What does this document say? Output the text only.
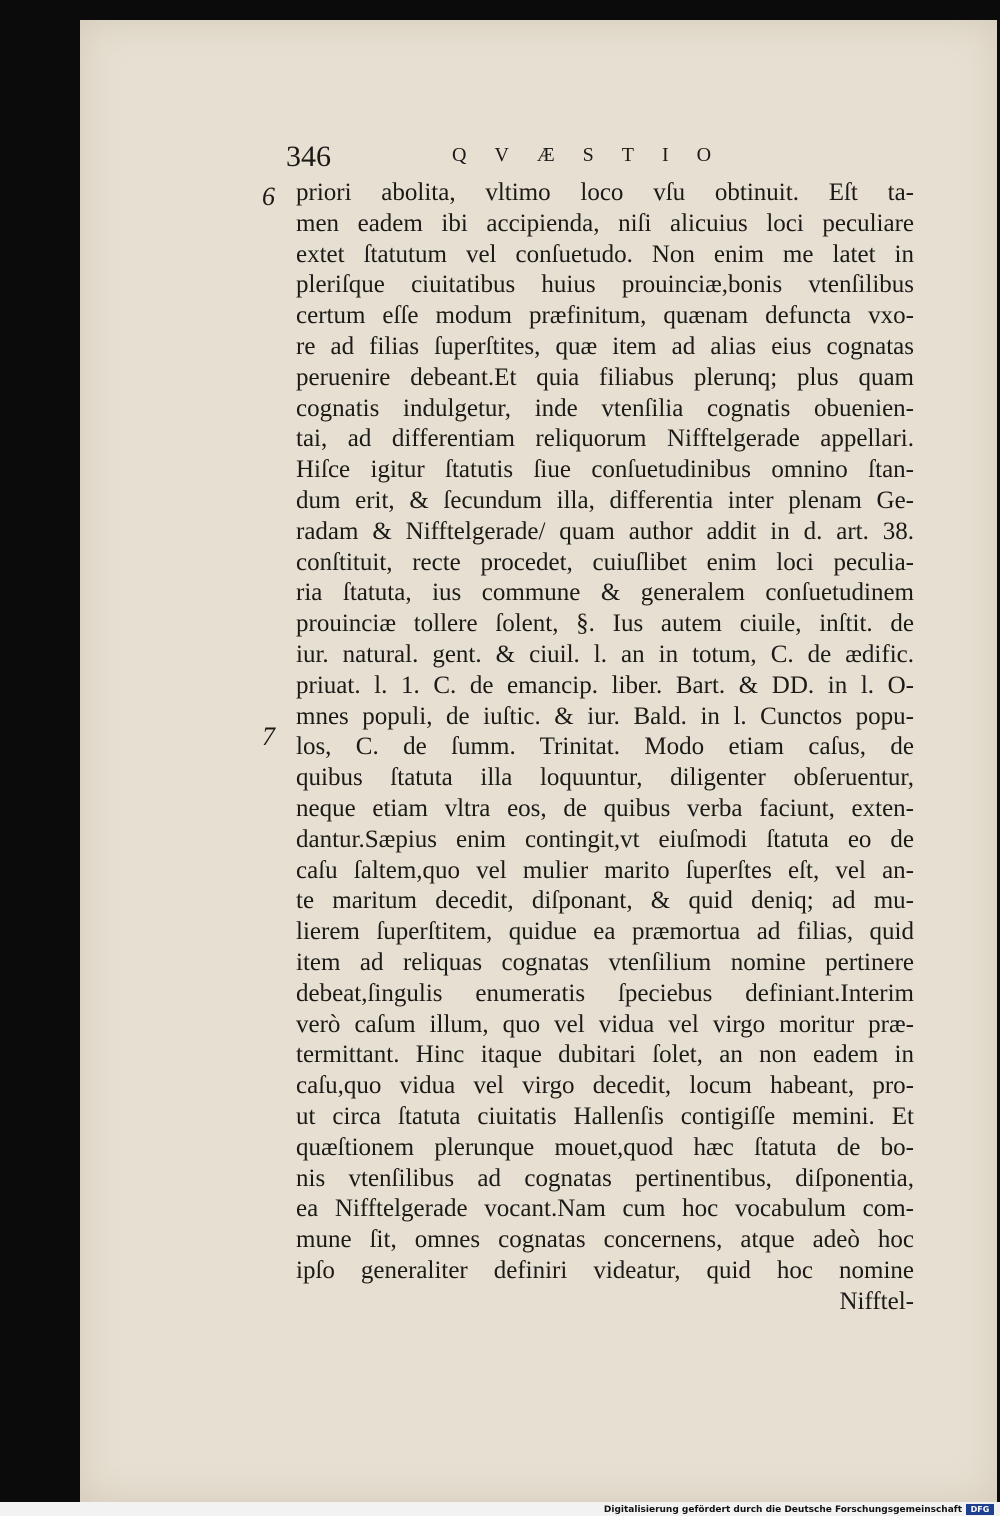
346	QVÆSTIO
6
7
priori abolita, vltimo loco vſu obtinuit. Eſt ta-
men eadem ibi accipienda, niſi alicuius loci peculiare
extet ſtatutum vel conſuetudo. Non enim me latet in
pleriſque ciuitatibus huius prouinciæ,bonis vtenſilibus
certum eſſe modum præfinitum, quænam defuncta vxo-
re ad filias ſuperſtites, quæ item ad alias eius cognatas
peruenire debeant.Et quia filiabus plerunq; plus quam
cognatis indulgetur, inde vtenſilia cognatis obuenien-
tai, ad differentiam reliquorum Nifftelgerade appellari.
Hiſce igitur ſtatutis ſiue conſuetudinibus omnino ſtan-
dum erit, & ſecundum illa, differentia inter plenam Ge-
radam & Nifftelgerade/ quam author addit in d. art. 38.
conſtituit, recte procedet, cuiuſlibet enim loci peculia-
ria ſtatuta, ius commune & generalem conſuetudinem
prouinciæ tollere ſolent, §. Ius autem ciuile, inſtit. de
iur. natural. gent. & ciuil. l. an in totum, C. de ædific.
priuat. l. 1. C. de emancip. liber. Bart. & DD. in l. O-
mnes populi, de iuſtic. & iur. Bald. in l. Cunctos popu-
los, C. de ſumm. Trinitat. Modo etiam caſus, de
quibus ſtatuta illa loquuntur, diligenter obſeruentur,
neque etiam vltra eos, de quibus verba faciunt, exten-
dantur.Sæpius enim contingit,vt eiuſmodi ſtatuta eo de
caſu ſaltem,quo vel mulier marito ſuperſtes eſt, vel an-
te maritum decedit, diſponant, & quid deniq; ad mu-
lierem ſuperſtitem, quidue ea præmortua ad filias, quid
item ad reliquas cognatas vtenſilium nomine pertinere
debeat,ſingulis enumeratis ſpeciebus definiant.Interim
verò caſum illum, quo vel vidua vel virgo moritur præ-
termittant. Hinc itaque dubitari ſolet, an non eadem in
caſu,quo vidua vel virgo decedit, locum habeant, pro-
ut circa ſtatuta ciuitatis Hallenſis contigiſſe memini. Et
quæſtionem plerunque mouet,quod hæc ſtatuta de bo-
nis vtenſilibus ad cognatas pertinentibus, diſponentia,
ea Nifftelgerade vocant.Nam cum hoc vocabulum com-
mune ſit, omnes cognatas concernens, atque adeò hoc
ipſo generaliter definiri videatur, quid hoc nomine
Nifftel-
Digitalisierung gefördert durch die Deutsche Forschungsgemeinschaft	DFG
